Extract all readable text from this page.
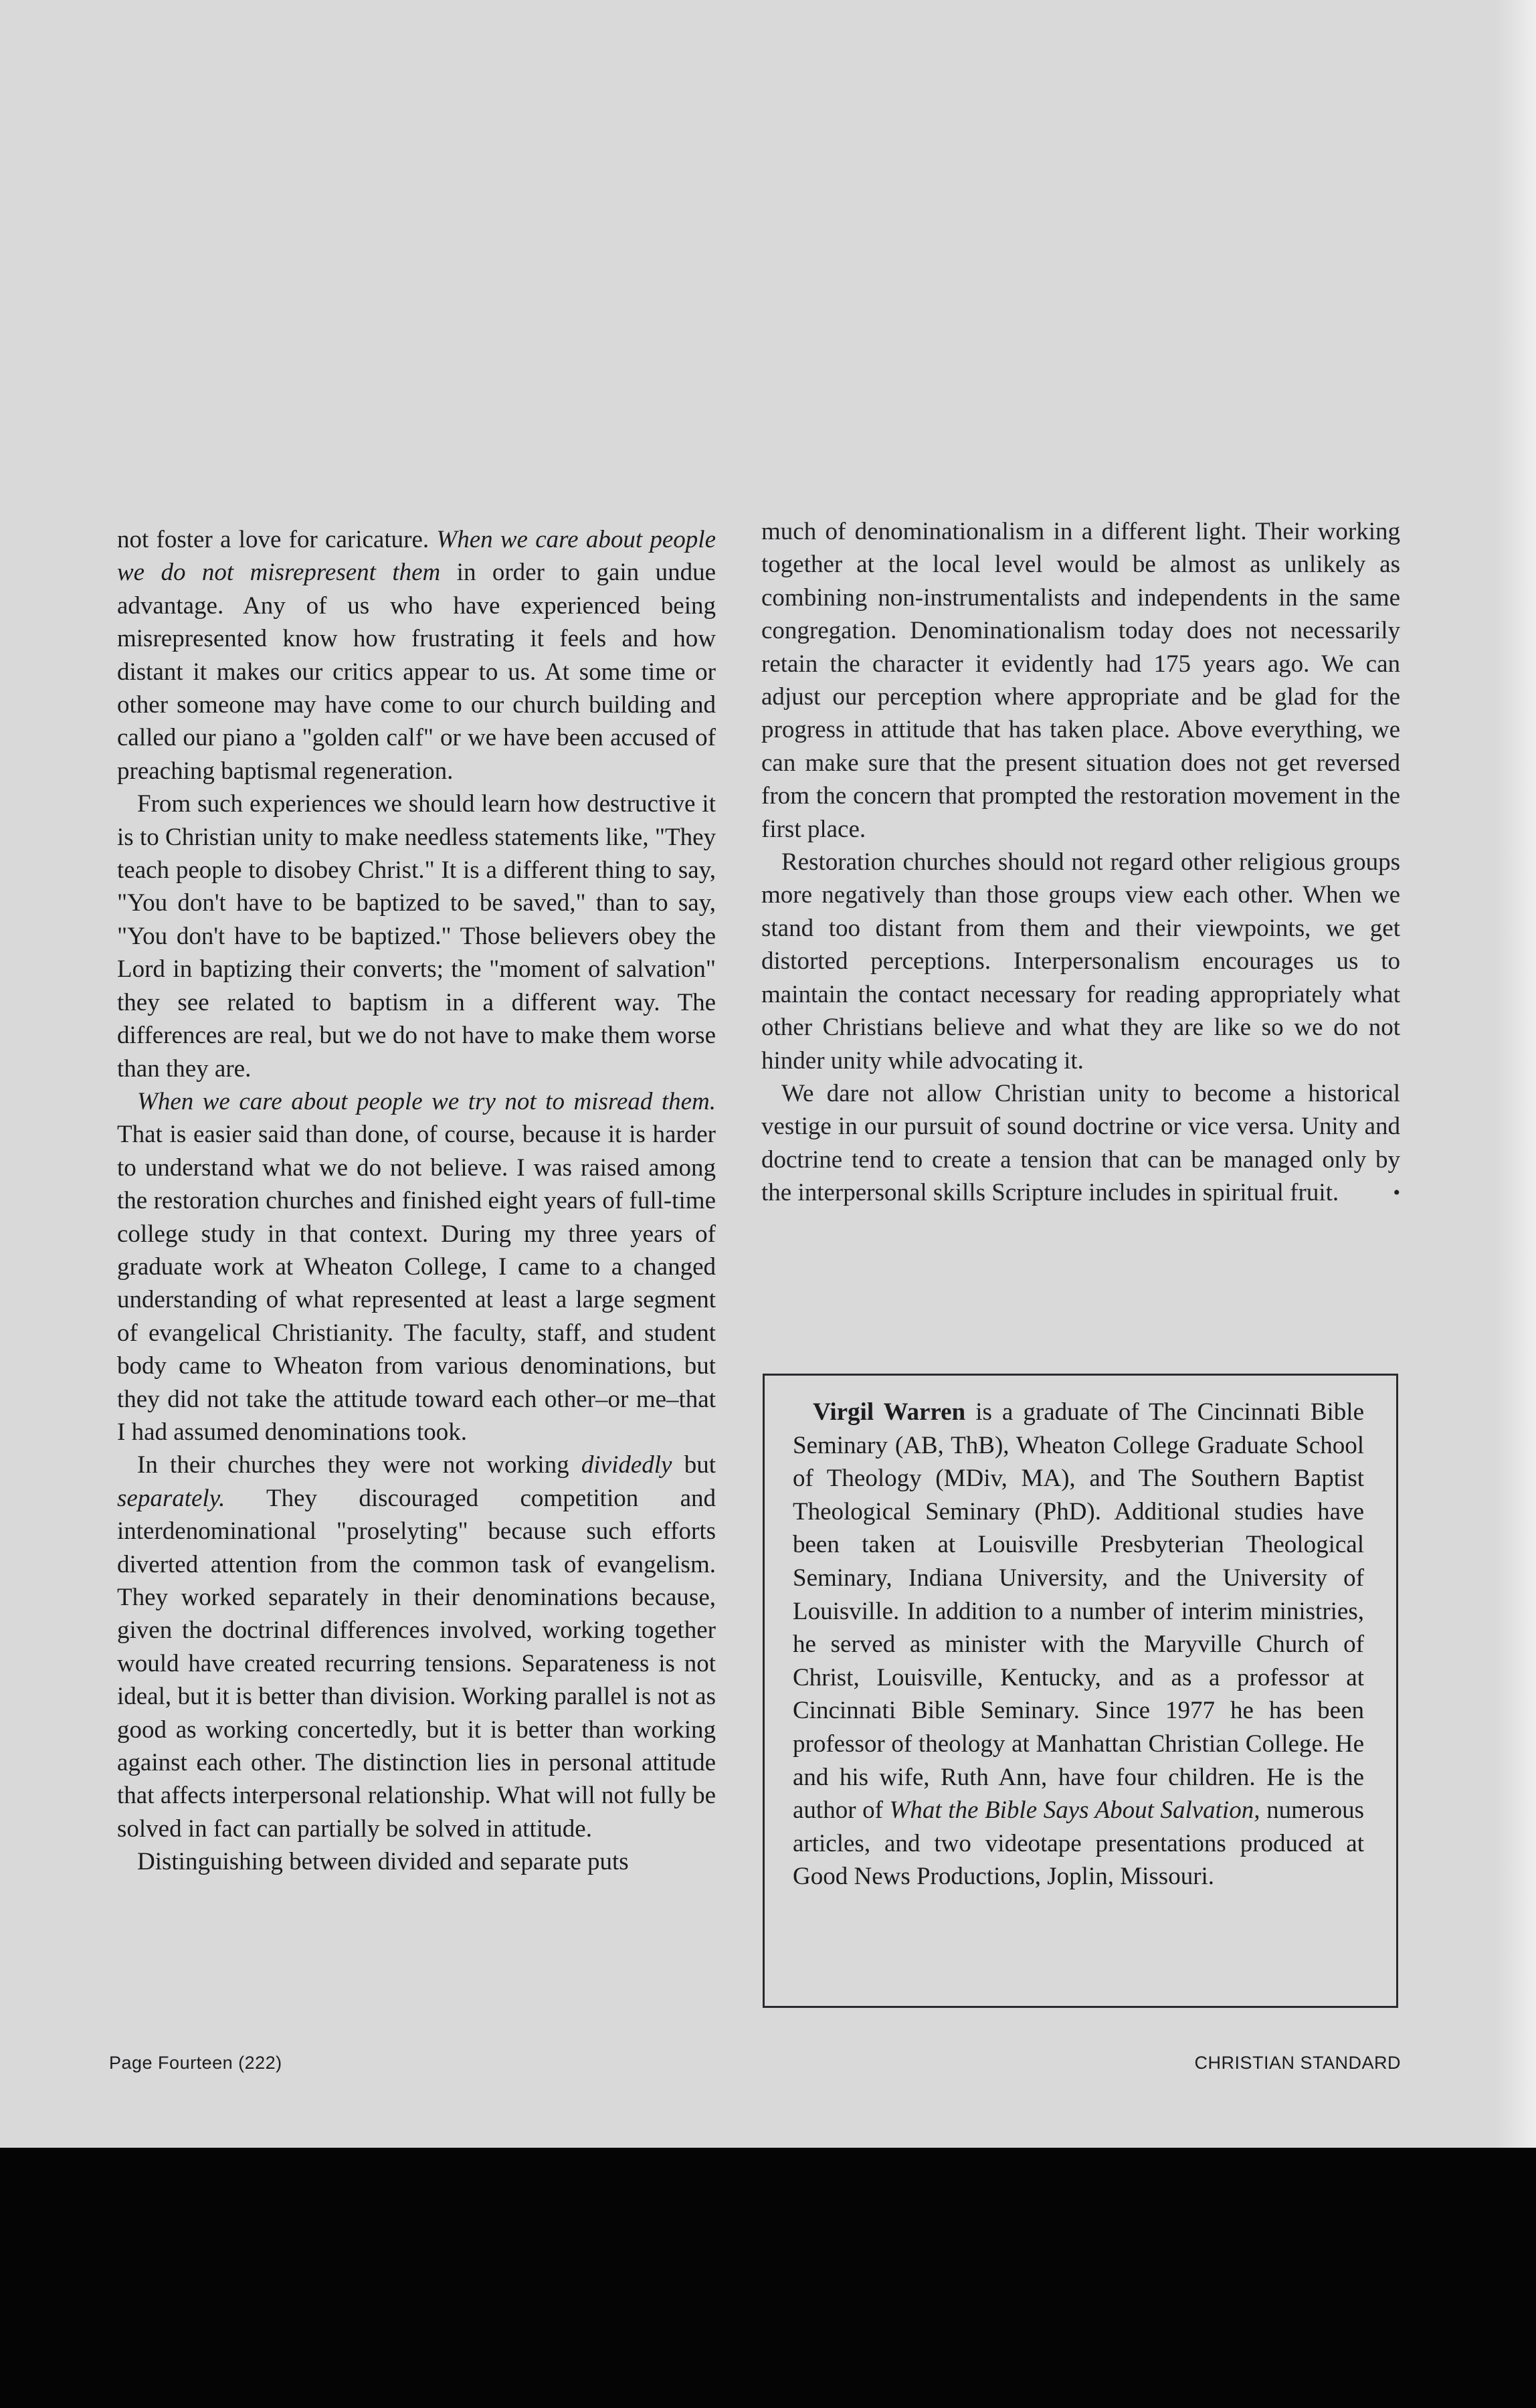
not foster a love for caricature. When we care about people we do not misrepresent them in order to gain undue advantage. Any of us who have experienced being misrepresented know how frustrating it feels and how distant it makes our critics appear to us. At some time or other someone may have come to our church building and called our piano a "golden calf" or we have been accused of preaching baptismal regeneration.

From such experiences we should learn how destructive it is to Christian unity to make needless statements like, "They teach people to disobey Christ." It is a different thing to say, "You don't have to be baptized to be saved," than to say, "You don't have to be baptized." Those believers obey the Lord in baptizing their converts; the "moment of salvation" they see related to baptism in a different way. The differences are real, but we do not have to make them worse than they are.

When we care about people we try not to misread them. That is easier said than done, of course, because it is harder to understand what we do not believe. I was raised among the restoration churches and finished eight years of full-time college study in that context. During my three years of graduate work at Wheaton College, I came to a changed understanding of what represented at least a large segment of evangelical Christianity. The faculty, staff, and student body came to Wheaton from various denominations, but they did not take the attitude toward each other–or me–that I had assumed denominations took.

In their churches they were not working dividedly but separately. They discouraged competition and interdenominational "proselyting" because such efforts diverted attention from the common task of evangelism. They worked separately in their denominations because, given the doctrinal differences involved, working together would have created recurring tensions. Separateness is not ideal, but it is better than division. Working parallel is not as good as working concertedly, but it is better than working against each other. The distinction lies in personal attitude that affects interpersonal relationship. What will not fully be solved in fact can partially be solved in attitude.

Distinguishing between divided and separate puts

much of denominationalism in a different light. Their working together at the local level would be almost as unlikely as combining non-instrumentalists and independents in the same congregation. Denominationalism today does not necessarily retain the character it evidently had 175 years ago. We can adjust our perception where appropriate and be glad for the progress in attitude that has taken place. Above everything, we can make sure that the present situation does not get reversed from the concern that prompted the restoration movement in the first place.

Restoration churches should not regard other religious groups more negatively than those groups view each other. When we stand too distant from them and their viewpoints, we get distorted perceptions. Interpersonalism encourages us to maintain the contact necessary for reading appropriately what other Christians believe and what they are like so we do not hinder unity while advocating it.

We dare not allow Christian unity to become a historical vestige in our pursuit of sound doctrine or vice versa. Unity and doctrine tend to create a tension that can be managed only by the interpersonal skills Scripture includes in spiritual fruit.	•

Virgil Warren is a graduate of The Cincinnati Bible Seminary (AB, ThB), Wheaton College Graduate School of Theology (MDiv, MA), and The Southern Baptist Theological Seminary (PhD). Additional studies have been taken at Louisville Presbyterian Theological Seminary, Indiana University, and the University of Louisville. In addition to a number of interim ministries, he served as minister with the Maryville Church of Christ, Louisville, Kentucky, and as a professor at Cincinnati Bible Seminary. Since 1977 he has been professor of theology at Manhattan Christian College. He and his wife, Ruth Ann, have four children. He is the author of What the Bible Says About Salvation, numerous articles, and two videotape presentations produced at Good News Productions, Joplin, Missouri.

Page Fourteen (222)	CHRISTIAN STANDARD
